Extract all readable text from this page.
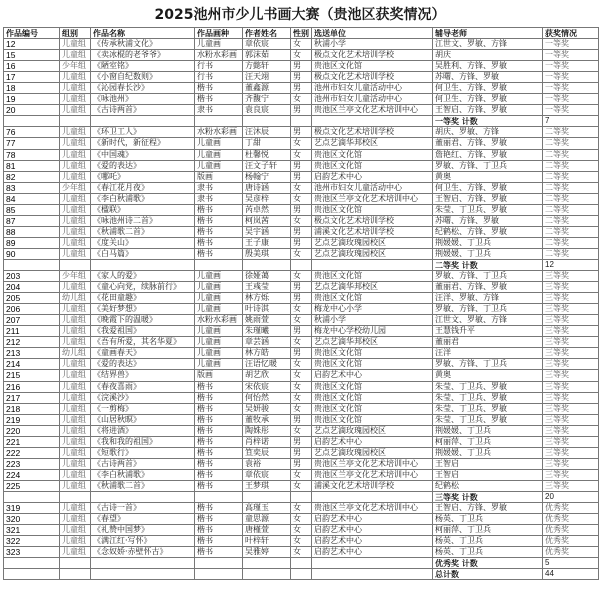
2025池州市少儿书画大赛（贵池区获奖情况）
作品编号	组别	作品名称	作品画种	作者姓名	性别	选送单位	辅导老师	获奖情况
12	儿童组	《传承秋浦文化》	儿童画	章依宸	女	秋浦小学	江世文、罗敏、方锋	一等奖
15	儿童组	《卖冰棍的老爷爷》	水粉水彩画	郭沫茹	女	极点文化艺术培训学校	胡庆	一等奖
16	少年组	《陋室铭》	行书	方懿轩	男	贵池区文化馆	吴胜利、方锋、罗敏	一等奖
17	儿童组	《小窗自纪数则》	行书	汪天翊	男	极点文化艺术培训学校	苏曙、方锋、罗敏	一等奖
18	儿童组	《沁园春长沙》	楷书	董鑫源	男	池州市妇女儿童活动中心	何卫生、方锋、罗敏	一等奖
19	儿童组	《咏池州》	楷书	齐馥宁	女	池州市妇女儿童活动中心	何卫生、方锋、罗敏	一等奖
20	儿童组	《古诗两首》	隶书	袁良宸	男	贵池区兰亭文化艺术培训中心	王智启、方锋、罗敏	一等奖
							一等奖 计数	7
76	儿童组	《环卫工人》	水粉水彩画	汪沐辰	男	极点文化艺术培训学校	胡庆、罗敏、方锋	二等奖
77	儿童组	《新时代，新征程》	儿童画	丁甜	女	艺点艺滴华邦校区	董丽君、方锋、罗敏	二等奖
78	儿童组	《中国魂》	儿童画	杜馨悦	女	贵池区文化馆	詹艳红、方锋、罗敏	二等奖
81	儿童组	《爱的表达》	儿童画	汪文子轩	男	贵池区文化馆	罗敏、方锋、丁卫兵	二等奖
82	儿童组	《哪吒》	版画	杨翰宁	男	启韵艺术中心	黄奥	二等奖
83	少年组	《春江花月夜》	隶书	唐诗涵	女	池州市妇女儿童活动中心	何卫生、方锋、罗敏	二等奖
84	儿童组	《李白秋浦歌》	隶书	吴彦梓	女	贵池区兰亭文化艺术培训中心	王智启、方锋、罗敏	二等奖
85	儿童组	《楹联》	楷书	芮卓然	男	贵池区文化馆	朱莹、丁卫兵、罗敏	二等奖
87	儿童组	《咏池州诗二首》	楷书	柯岚茜	女	极点文化艺术培训学校	苏曙、方锋、罗敏	二等奖
88	儿童组	《秋浦歌二首》	楷书	吴宇涵	男	浦溪文化艺术培训学校	纪鹤松、方锋、罗敏	二等奖
89	儿童组	《度关山》	楷书	王子康	男	艺点艺滴玫瑰园校区	荆媛媛、丁卫兵	二等奖
90	儿童组	《白马篇》	楷书	殷美琪	女	艺点艺滴玫瑰园校区	荆媛媛、丁卫兵	二等奖
							二等奖 计数	12
203	少年组	《家人的爱》	儿童画	徐娅蔼	女	贵池区文化馆	罗敏、方锋、丁卫兵	三等奖
204	儿童组	《童心向党，续脉前行》	儿童画	王彧莹	男	艺点艺滴华邦校区	董丽君、方锋、罗敏	三等奖
205	幼儿组	《花田童趣》	儿童画	林方烁	男	贵池区文化馆	汪洋、罗敏、方锋	三等奖
206	儿童组	《美好梦想》	儿童画	叶诗淇	女	梅龙中心小学	罗敏、方锋、丁卫兵	三等奖
207	儿童组	《晚霞下的温暖》	水粉水彩画	姚雨萱	女	秋浦小学	江世文、罗敏、方锋	三等奖
211	儿童组	《我爱祖国》	儿童画	朱瑾曦	男	梅龙中心学校幼儿园	王慧钱升平	三等奖
212	儿童组	《吾有所爱，其名华夏》	儿童画	章芸涵	女	艺点艺滴华邦校区	董丽君	三等奖
213	幼儿组	《童画春天》	儿童画	林方皓	男	贵池区文化馆	汪洋	三等奖
214	儿童组	《爱的表达》	儿童画	汪语忆暖	女	贵池区文化馆	罗敏、方锋、丁卫兵	三等奖
215	儿童组	《结界兽》	版画	胡艺欣	女	启韵艺术中心	黄奥	三等奖
216	儿童组	《春夜喜雨》	楷书	宋依宸	女	贵池区文化馆	朱莹、丁卫兵、罗敏	三等奖
217	儿童组	《浣溪沙》	楷书	何怡然	女	贵池区文化馆	朱莹、丁卫兵、罗敏	三等奖
218	儿童组	《一剪梅》	楷书	吴妍骏	女	贵池区文化馆	朱莹、丁卫兵、罗敏	三等奖
219	儿童组	《山居秋暝》	楷书	董牧承	男	贵池区文化馆	朱莹、丁卫兵、罗敏	三等奖
220	儿童组	《将进酒》	楷书	陶姝彤	女	艺点艺滴玫瑰园校区	荆媛媛、丁卫兵	三等奖
221	儿童组	《我和我的祖国》	楷书	肖梓诺	男	启韵艺术中心	柯丽萍、丁卫兵	三等奖
222	儿童组	《短歌行》	楷书	笪奕辰	男	艺点艺滴玫瑰园校区	荆媛媛、丁卫兵	三等奖
223	儿童组	《古诗两首》	楷书	袁裕	男	贵池区兰亭文化艺术培训中心	王智启	三等奖
224	儿童组	《李白秋浦歌》	楷书	章依宸	女	贵池区兰亭文化艺术培训中心	王智启	三等奖
225	儿童组	《秋浦歌二首》	楷书	王梦琪	女	浦溪文化艺术培训学校	纪鹤松	三等奖
							三等奖 计数	20
319	儿童组	《古诗一首》	楷书	高瑾玉	女	贵池区兰亭文化艺术培训中心	王智启、方锋、罗敏	优秀奖
320	儿童组	《春望》	楷书	童思源	女	启韵艺术中心	杨英、丁卫兵	优秀奖
321	儿童组	《礼赞中国梦》	楷书	唐槿萱	女	启韵艺术中心	柯丽萍、丁卫兵	优秀奖
322	儿童组	《满江红·写怀》	楷书	叶梓轩	女	启韵艺术中心	杨英、丁卫兵	优秀奖
323	儿童组	《念奴娇·赤壁怀古》	楷书	吴雅婷	女	启韵艺术中心	杨英、丁卫兵	优秀奖
							优秀奖 计数	5
							总计数	44
